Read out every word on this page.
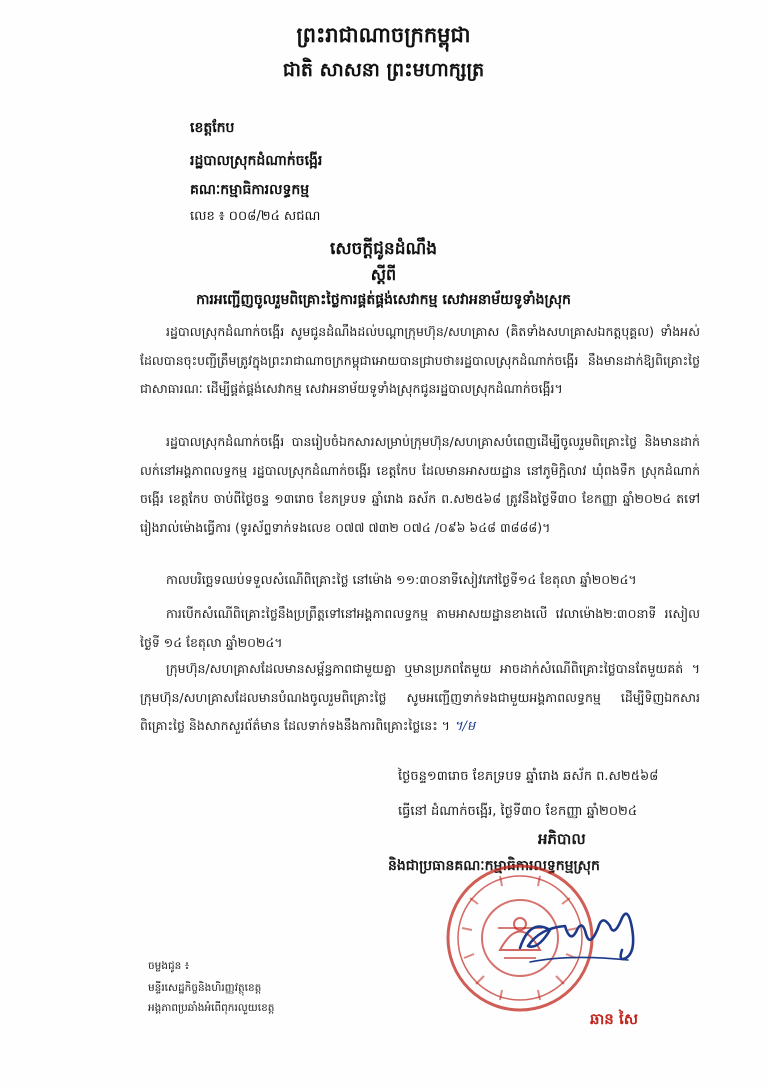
ព្រះរាជាណាចក្រកម្ពុជា
ជាតិ សាសនា ព្រះមហាក្សត្រ
ខេត្តកែប
រដ្ឋបាលស្រុកដំណាក់ចង្អើរ
គណៈកម្មាធិការលទ្ធកម្ម
លេខ ៖ ០០៨/២៤ សជណ
សេចក្តីជូនដំណឹង
ស្តីពី
ការអញ្ជើញចូលរួមពិគ្រោះថ្លៃការផ្គត់ផ្គង់សេវាកម្ម សេវាអនាម័យទូទាំងស្រុក
រដ្ឋបាលស្រុកដំណាក់ចង្អើរ សូមជូនដំណឹងដល់បណ្តាក្រុមហ៊ុន/សហគ្រាស (គិតទាំងសហគ្រាសឯកត្តបុគ្គល) ទាំងអស់ដែលបានចុះបញ្ជីត្រឹមត្រូវក្នុងព្រះរាជាណាចក្រកម្ពុជាអោយបានជ្រាបថា៖រដ្ឋបាលស្រុកដំណាក់ចង្អើរ នឹងមានដាក់ឱ្យពិគ្រោះថ្លៃជាសាធារណៈ ដើម្បីផ្គត់ផ្គង់សេវាកម្ម សេវាអនាម័យទូទាំងស្រុកជូនរដ្ឋបាលស្រុកដំណាក់ចង្អើរ។
រដ្ឋបាលស្រុកដំណាក់ចង្អើរ បានរៀបចំឯកសារសម្រាប់ក្រុមហ៊ុន/សហគ្រាសបំពេញដើម្បីចូលរួមពិគ្រោះថ្លៃ និងមានដាក់លក់នៅអង្គភាពលទ្ធកម្ម រដ្ឋបាលស្រុកដំណាក់ចង្អើរ ខេត្តកែប ដែលមានអាសយដ្ឋាន នៅភូមិក្អិលាវ ឃុំពងទឹក ស្រុកដំណាក់ចង្អើរ ខេត្តកែប ចាប់ពីថ្ងៃចន្ទ ១៣រោច ខែភទ្របទ ឆ្នាំរោង ឆស័ក ព.ស២៥៦៨ ត្រូវនឹងថ្ងៃទី៣០ ខែកញ្ញា ឆ្នាំ២០២៤ តទៅរៀងរាល់ម៉ោងធ្វើការ (ទូរស័ព្ទទាក់ទងលេខ ០៧៧ ៧៣២ ០៧៤ /០៩៦ ៦៤៨ ៣៨៨៨)។
កាលបរិច្ឆេទឈប់ទទួលសំណើពិគ្រោះថ្លៃ នៅម៉ោង ១១:៣០នាទីសៀវភៅថ្ងៃទី១៤ ខែតុលា ឆ្នាំ២០២៤។
ការបើកសំណើពិគ្រោះថ្លៃនឹងប្រព្រឹត្តទៅនៅអង្គភាពលទ្ធកម្ម តាមអាសយដ្ឋានខាងលើ វេលាម៉ោង២:៣០នាទី រសៀល ថ្ងៃទី ១៤ ខែតុលា ឆ្នាំ២០២៤។
ក្រុមហ៊ុន/សហគ្រាសដែលមានសម្ព័ន្ធភាពជាមួយគ្នា ឬមានប្រភពតែមួយ អាចដាក់សំណើពិគ្រោះថ្លៃបានតែមួយគត់ ។ ក្រុមហ៊ុន/សហគ្រាសដែលមានបំណងចូលរួមពិគ្រោះថ្លៃ សូមអញ្ជើញទាក់ទងជាមួយអង្គភាពលទ្ធកម្ម ដើម្បីទិញឯកសារពិគ្រោះថ្លៃ និងសាកសួរព័ត៌មាន ដែលទាក់ទងនឹងការពិគ្រោះថ្លៃនេះ ។ ។/ម
ថ្ងៃចន្ទ១៣រោច ខែភទ្របទ ឆ្នាំរោង ឆស័ក ព.ស២៥៦៨
ធ្វើនៅ ដំណាក់ចង្អើរ, ថ្ងៃទី៣០ ខែកញ្ញា ឆ្នាំ២០២៤
អភិបាល
និងជាប្រធានគណៈកម្មាធិការលទ្ធកម្មស្រុក
ឆាន សៃ
ចម្លងជូន ៖
មន្ទីរសេដ្ឋកិច្ចនិងហិរញ្ញវត្ថុខេត្ត
អង្គភាពប្រឆាំងអំពើពុករលួយខេត្ត
